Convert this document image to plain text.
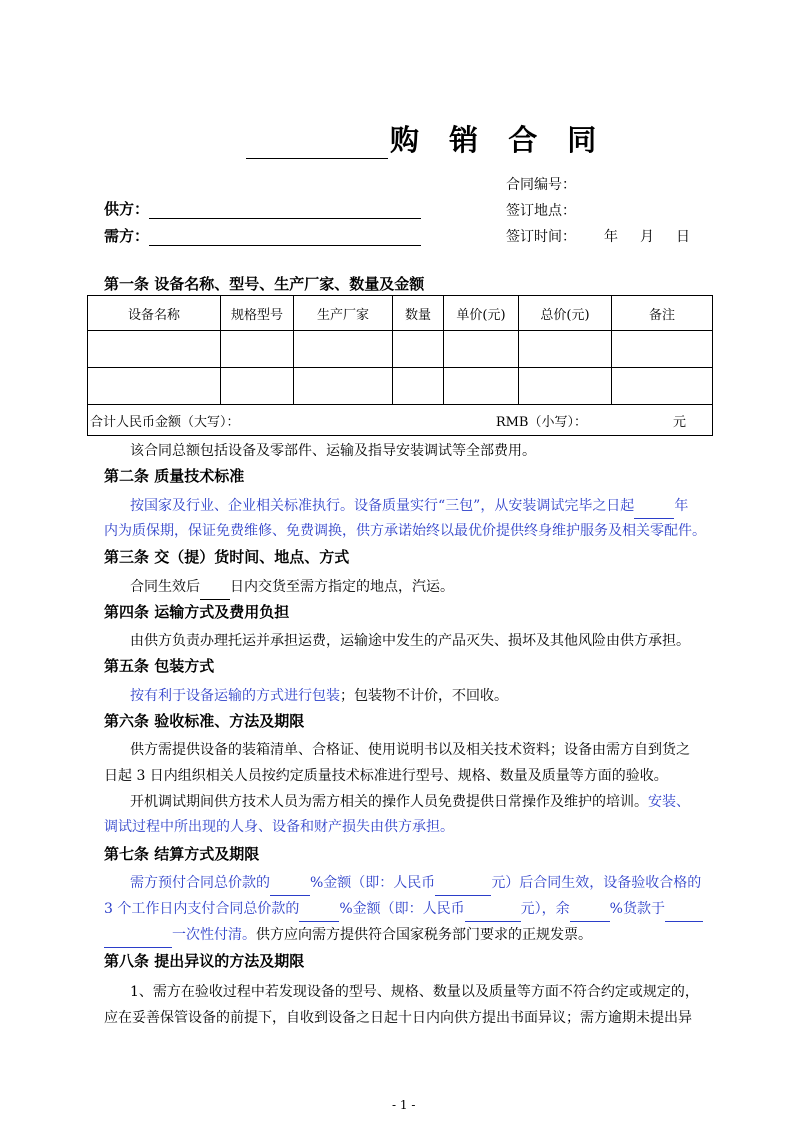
购 销 合 同
合同编号：
签订地点：
签订时间： 年 月 日
供方：
需方：
第一条 设备名称、型号、生产厂家、数量及金额
设备名称	规格型号	生产厂家	数量	单价(元)	总价(元)	备注

合计人民币金额（大写）： RMB（小写）： 元						
该合同总额包括设备及零部件、运输及指导安装调试等全部费用。
第二条 质量技术标准
按国家及行业、企业相关标准执行。设备质量实行“三包”，从安装调试完毕之日起	年
内为质保期，保证免费维修、免费调换，供方承诺始终以最优价提供终身维护服务及相关零配件。
第三条 交（提）货时间、地点、方式
合同生效后 日内交货至需方指定的地点，汽运。
第四条 运输方式及费用负担
由供方负责办理托运并承担运费，运输途中发生的产品灭失、损坏及其他风险由供方承担。
第五条 包装方式
按有利于设备运输的方式进行包装；包装物不计价，不回收。
第六条 验收标准、方法及期限
供方需提供设备的装箱清单、合格证、使用说明书以及相关技术资料；设备由需方自到货之
日起 3 日内组织相关人员按约定质量技术标准进行型号、规格、数量及质量等方面的验收。
开机调试期间供方技术人员为需方相关的操作人员免费提供日常操作及维护的培训。安装、
调试过程中所出现的人身、设备和财产损失由供方承担。
第七条 结算方式及期限
需方预付合同总价款的	%金额（即：人民币	元）后合同生效，设备验收合格的
3 个工作日内支付合同总价款的	%金额（即：人民币	元），余	%货款于
一次性付清。供方应向需方提供符合国家税务部门要求的正规发票。
第八条 提出异议的方法及期限
1、需方在验收过程中若发现设备的型号、规格、数量以及质量等方面不符合约定或规定的，
应在妥善保管设备的前提下，自收到设备之日起十日内向供方提出书面异议；需方逾期未提出异
- 1 -
